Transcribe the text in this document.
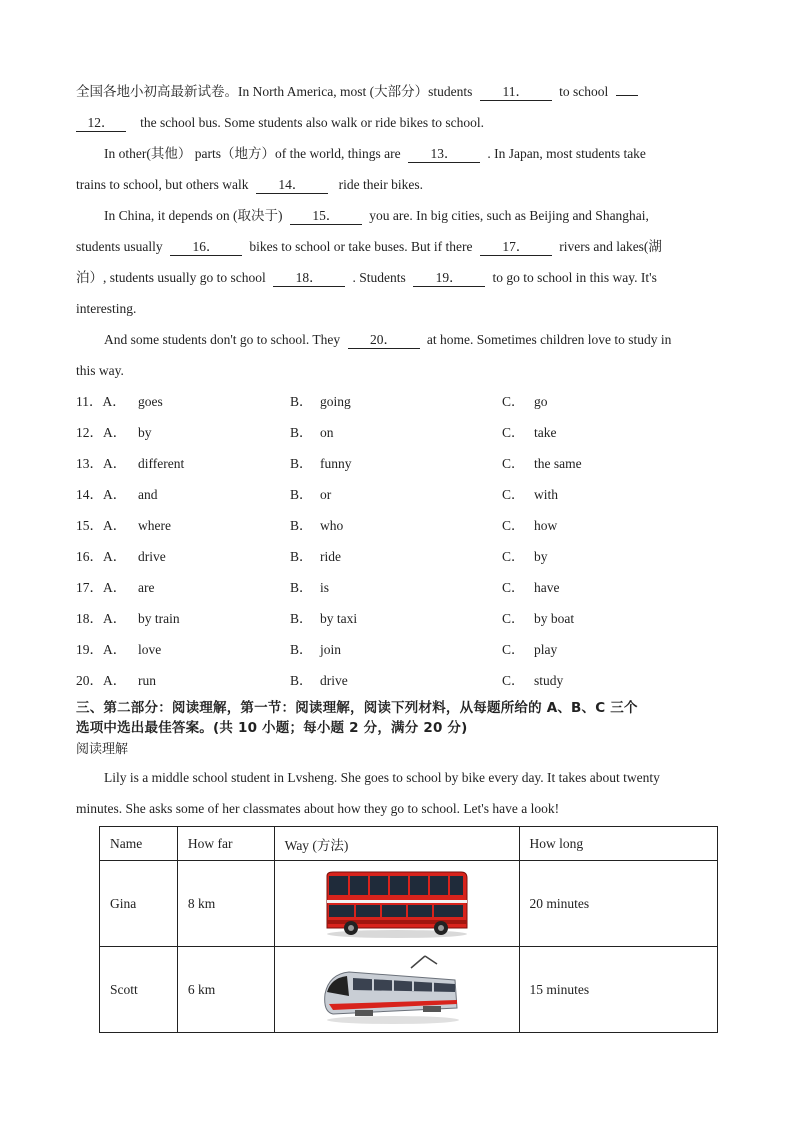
全国各地小初高最新试卷。In North America, most (大部分）students 11． to school

12． the school bus. Some students also walk or ride bikes to school.

In other(其他） parts（地方）of the world, things are 13． . In Japan, most students take

trains to school, but others walk 14． ride their bikes.

In China, it depends on (取决于) 15． you are. In big cities, such as Beijing and Shanghai,

students usually 16． bikes to school or take buses. But if there 17． rivers and lakes(湖

泊）, students usually go to school 18． . Students 19． to go to school in this way. It's

interesting.

And some students don't go to school. They 20． at home. Sometimes children love to study in

this way.

11．A． goes	B． going	C． go
12．A． by	B． on	C． take
13．A． different	B． funny	C． the same
14．A． and	B． or	C． with
15．A． where	B． who	C． how
16．A． drive	B． ride	C． by
17．A． are	B． is	C． have
18．A． by train	B． by taxi	C． by boat
19．A． love	B． join	C． play
20．A． run	B． drive	C． study

三、第二部分：阅读理解，第一节：阅读理解，阅读下列材料，从每题所给的 A、B、C 三个

选项中选出最佳答案。(共 10 小题；每小题 2 分，满分 20 分)

阅读理解

Lily is a middle school student in Lvsheng. She goes to school by bike every day. It takes about twenty

minutes. She asks some of her classmates about how they go to school. Let's have a look!

Name	How far	Way (方法)	How long
Gina	8 km		20 minutes
Scott	6 km		15 minutes
